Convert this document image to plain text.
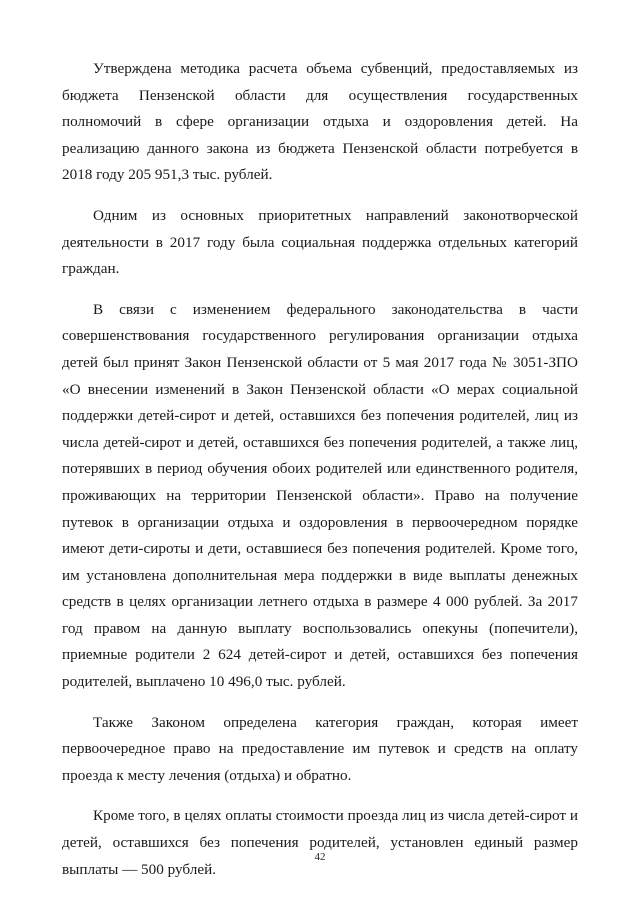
Утверждена методика расчета объема субвенций, предоставляемых из бюджета Пензенской области для осуществления государственных полномочий в сфере организации отдыха и оздоровления детей. На реализацию данного закона из бюджета Пензенской области потребуется в 2018 году 205 951,3 тыс. рублей.

Одним из основных приоритетных направлений законотворческой деятельности в 2017 году была социальная поддержка отдельных категорий граждан.

В связи с изменением федерального законодательства в части совершенствования государственного регулирования организации отдыха детей был принят Закон Пензенской области от 5 мая 2017 года № 3051-ЗПО «О внесении изменений в Закон Пензенской области «О мерах социальной поддержки детей-сирот и детей, оставшихся без попечения родителей, лиц из числа детей-сирот и детей, оставшихся без попечения родителей, а также лиц, потерявших в период обучения обоих родителей или единственного родителя, проживающих на территории Пензенской области». Право на получение путевок в организации отдыха и оздоровления в первоочередном порядке имеют дети-сироты и дети, оставшиеся без попечения родителей. Кроме того, им установлена дополнительная мера поддержки в виде выплаты денежных средств в целях организации летнего отдыха в размере 4 000 рублей. За 2017 год правом на данную выплату воспользовались опекуны (попечители), приемные родители 2 624 детей-сирот и детей, оставшихся без попечения родителей, выплачено 10 496,0 тыс. рублей.

Также Законом определена категория граждан, которая имеет первоочередное право на предоставление им путевок и средств на оплату проезда к месту лечения (отдыха) и обратно.

Кроме того, в целях оплаты стоимости проезда лиц из числа детей-сирот и детей, оставшихся без попечения родителей, установлен единый размер выплаты — 500 рублей.

42
